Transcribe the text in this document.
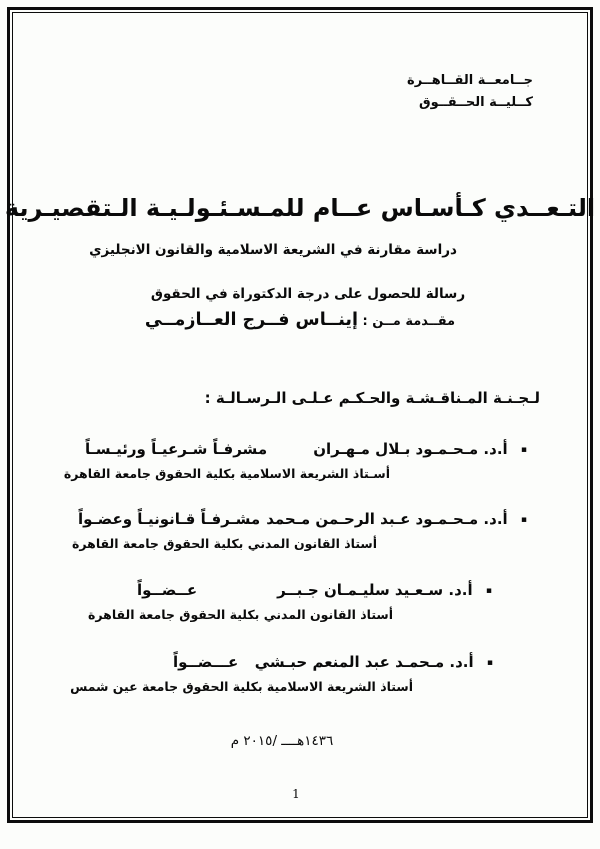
جــامعــة القــاهــرة
كــليــة الحــقــوق
التـعــدي كـأسـاس عــام للمـسـئـولـيـة الـتقصيـرية
دراسة مقارنة في الشريعة الاسلامية والقانون الانجليزي
رسالة للحصول على درجة الدكتوراة في الحقوق
مقــدمة مــن : إينــاس فــرج العــازمــي
لـجـنـة المـناقـشـة والحـكـم عـلـى الـرسـالـة :
▪ أ.د. مـحـمـود بـلال مـهـران
مشرفـاً شـرعيـاً ورئيـسـاً
أسـتاذ الشريعة الاسلامية بكلية الحقوق جامعة القاهرة
▪ أ.د. مـحـمـود عـبد الرحـمن مـحمد
مشـرفـاً قـانونيـاً وعضـواً
أستاذ القانون المدني بكلية الحقوق جامعة القاهرة
▪ أ.د. سـعـيد سليـمـان جـبــر
عــضــواً
أستاذ القانون المدني بكلية الحقوق جامعة القاهرة
▪ أ.د. مـحمـد عبد المنعم حبـشي
عـــضــواً
أستاذ الشريعة الاسلامية بكلية الحقوق جامعة عين شمس
١٤٣٦هــــ /٢٠١٥ م
1
